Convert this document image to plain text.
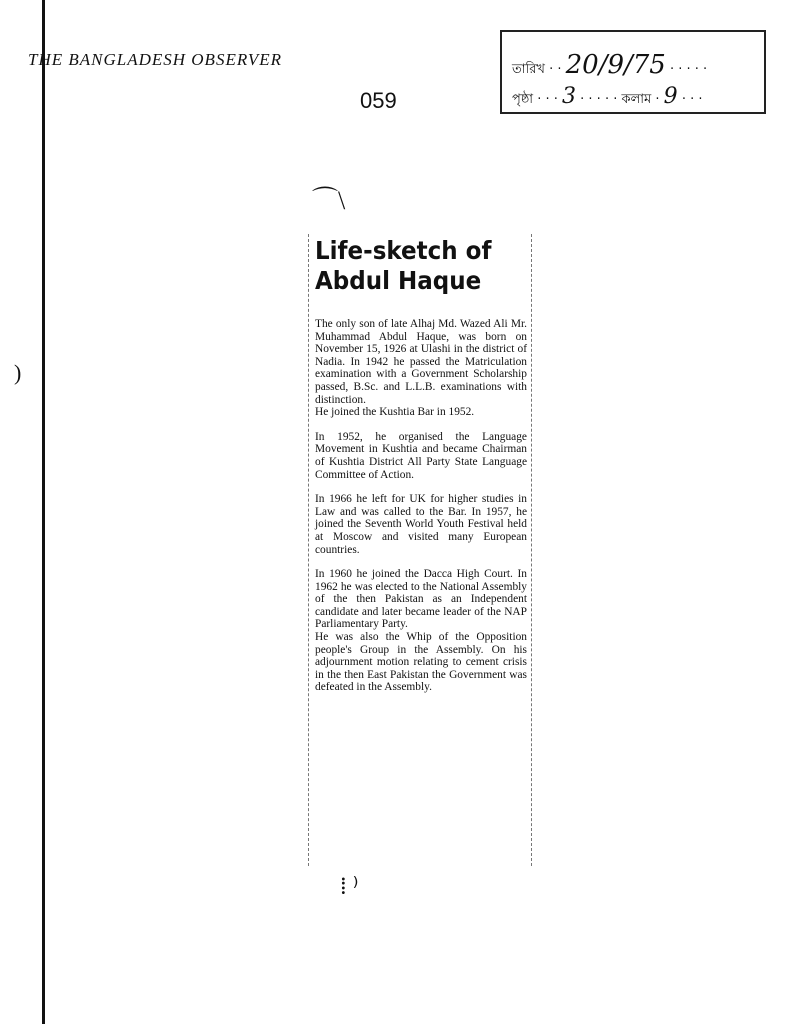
THE BANGLADESH OBSERVER
059
তারিখ · · 20/9/75 · · · · ·
পৃষ্ঠা · · · 3 · · · · · কলাম · 9 · · ·
)
⌒\
Life-sketch of
Abdul Haque

The only son of late Alhaj Md. Wazed Ali Mr. Muhammad Abdul Haque, was born on November 15, 1926 at Ulashi in the district of Nadia. In 1942 he passed the Matriculation examination with a Government Scholarship passed, B.Sc. and L.L.B. examinations with distinction.
He joined the Kushtia Bar in 1952.

In 1952, he organised the Language Movement in Kushtia and became Chairman of Kushtia District All Party State Language Committee of Action.

In 1966 he left for UK for higher studies in Law and was called to the Bar. In 1957, he joined the Seventh World Youth Festival held at Moscow and visited many European countries.

In 1960 he joined the Dacca High Court. In 1962 he was elected to the National Assembly of the then Pakistan as an Independent candidate and later became leader of the NAP Parliamentary Party.
He was also the Whip of the Opposition people's Group in the Assembly. On his adjournment motion relating to cement crisis in the then East Pakistan the Government was defeated in the Assembly.

⁞ ⁾
